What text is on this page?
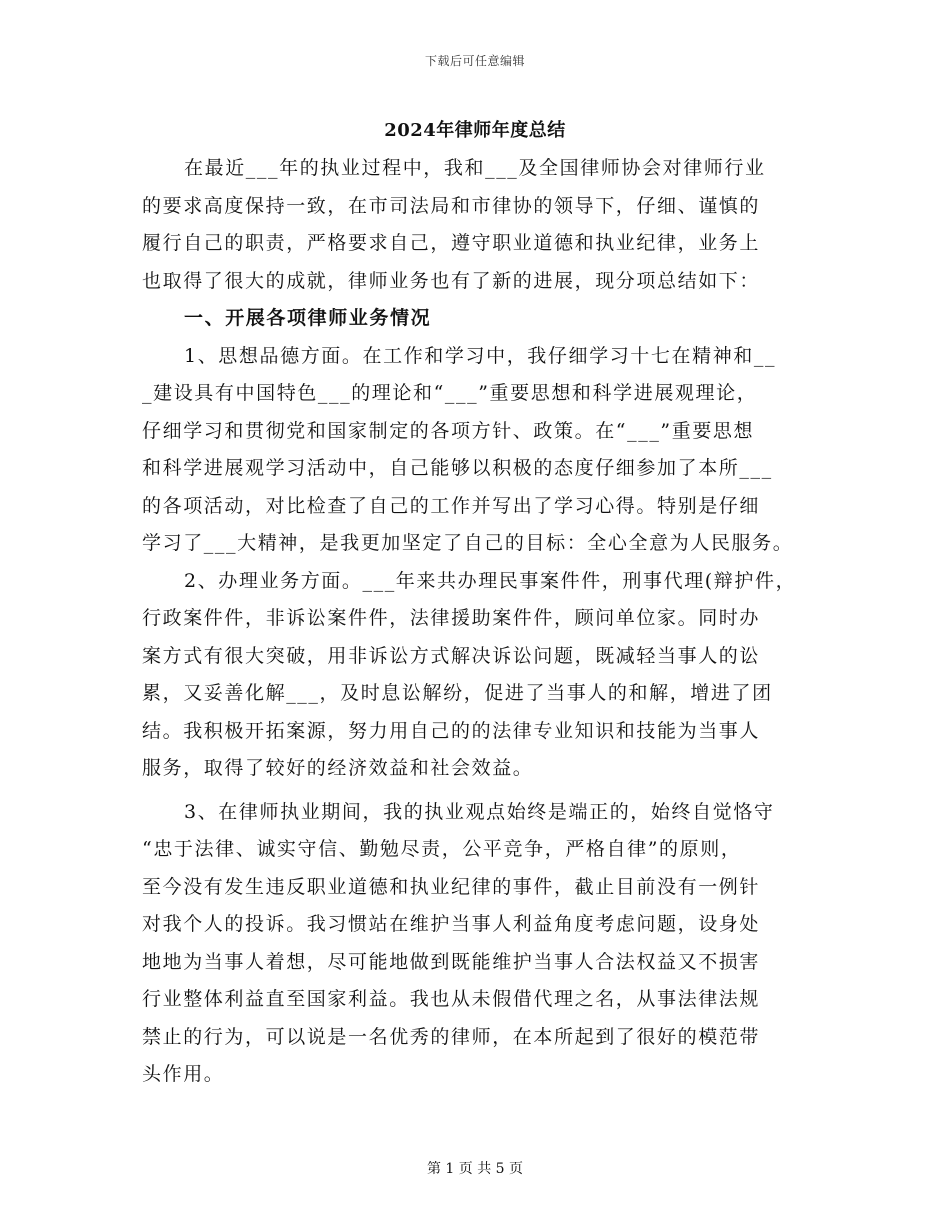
下载后可任意编辑
2024年律师年度总结
在最近___年的执业过程中，我和___及全国律师协会对律师行业
的要求高度保持一致，在市司法局和市律协的领导下，仔细、谨慎的
履行自己的职责，严格要求自己，遵守职业道德和执业纪律，业务上
也取得了很大的成就，律师业务也有了新的进展，现分项总结如下：
一、开展各项律师业务情况
1、思想品德方面。在工作和学习中，我仔细学习十七在精神和__
_建设具有中国特色___的理论和“___”重要思想和科学进展观理论，
仔细学习和贯彻党和国家制定的各项方针、政策。在“___”重要思想
和科学进展观学习活动中，自己能够以积极的态度仔细参加了本所___
的各项活动，对比检查了自己的工作并写出了学习心得。特别是仔细
学习了___大精神，是我更加坚定了自己的目标：全心全意为人民服务。
2、办理业务方面。___年来共办理民事案件件，刑事代理(辩护件，
行政案件件，非诉讼案件件，法律援助案件件，顾问单位家。同时办
案方式有很大突破，用非诉讼方式解决诉讼问题，既减轻当事人的讼
累，又妥善化解___，及时息讼解纷，促进了当事人的和解，增进了团
结。我积极开拓案源，努力用自己的的法律专业知识和技能为当事人
服务，取得了较好的经济效益和社会效益。
3、在律师执业期间，我的执业观点始终是端正的，始终自觉恪守
“忠于法律、诚实守信、勤勉尽责，公平竞争，严格自律”的原则，
至今没有发生违反职业道德和执业纪律的事件，截止目前没有一例针
对我个人的投诉。我习惯站在维护当事人利益角度考虑问题，设身处
地地为当事人着想，尽可能地做到既能维护当事人合法权益又不损害
行业整体利益直至国家利益。我也从未假借代理之名，从事法律法规
禁止的行为，可以说是一名优秀的律师，在本所起到了很好的模范带
头作用。
第 1 页 共 5 页
